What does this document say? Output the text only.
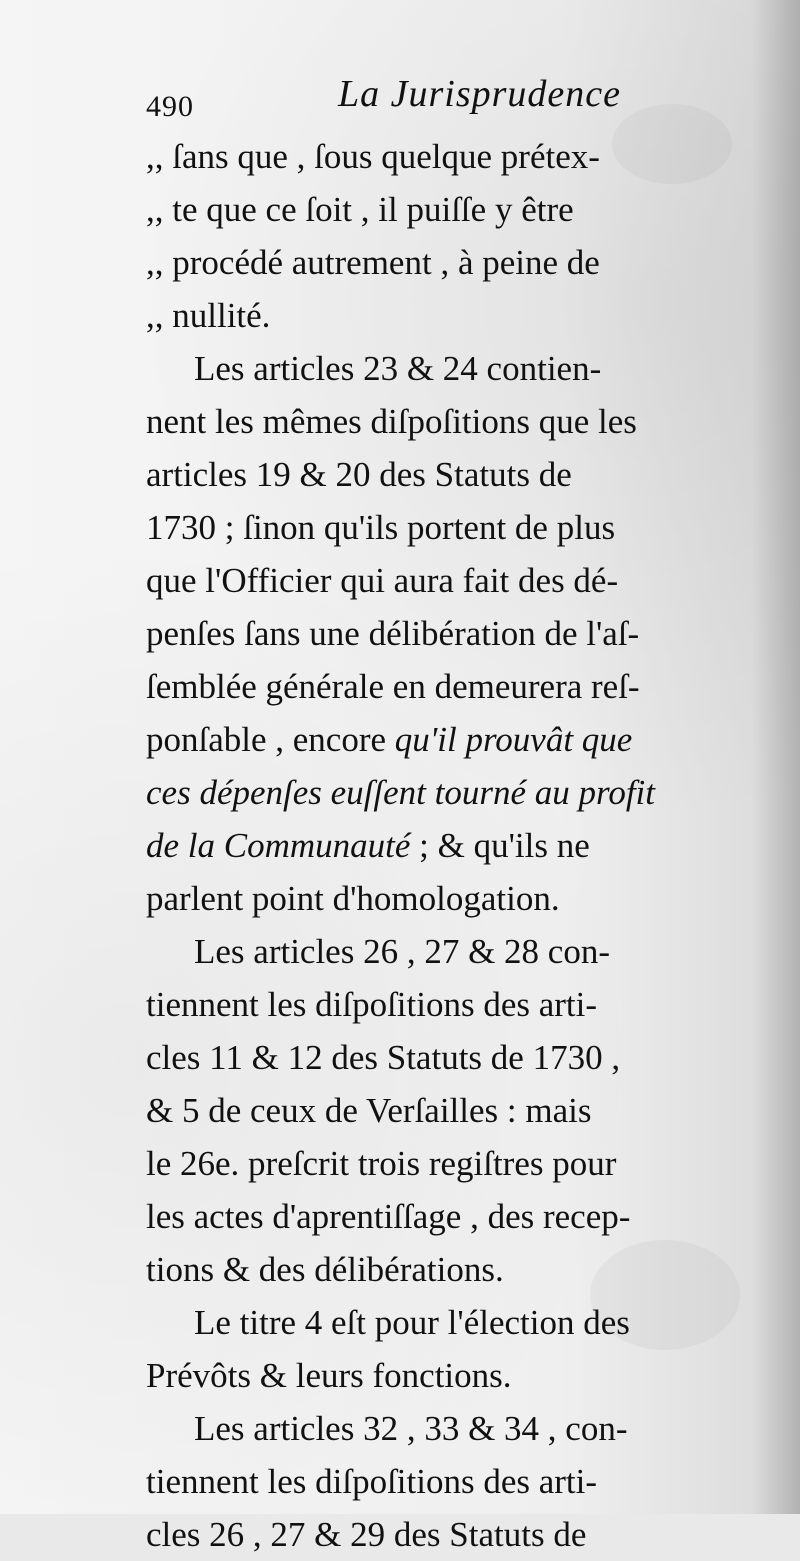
490	La Jurisprudence
,, ſans que , ſous quelque prétex-
,, te que ce ſoit , il puiſſe y être
,, procédé autrement , à peine de
,, nullité.
Les articles 23 & 24 contien-
nent les mêmes diſpoſitions que les
articles 19 & 20 des Statuts de
1730 ; ſinon qu'ils portent de plus
que l'Officier qui aura fait des dé-
penſes ſans une délibération de l'aſ-
ſemblée générale en demeurera reſ-
ponſable , encore qu'il prouvât que
ces dépenſes euſſent tourné au profit
de la Communauté ; & qu'ils ne
parlent point d'homologation.
Les articles 26 , 27 & 28 con-
tiennent les diſpoſitions des arti-
cles 11 & 12 des Statuts de 1730 ,
& 5 de ceux de Verſailles : mais
le 26e. preſcrit trois regiſtres pour
les actes d'aprentiſſage , des recep-
tions & des délibérations.
Le titre 4 eſt pour l'élection des
Prévôts & leurs fonctions.
Les articles 32 , 33 & 34 , con-
tiennent les diſpoſitions des arti-
cles 26 , 27 & 29 des Statuts de
